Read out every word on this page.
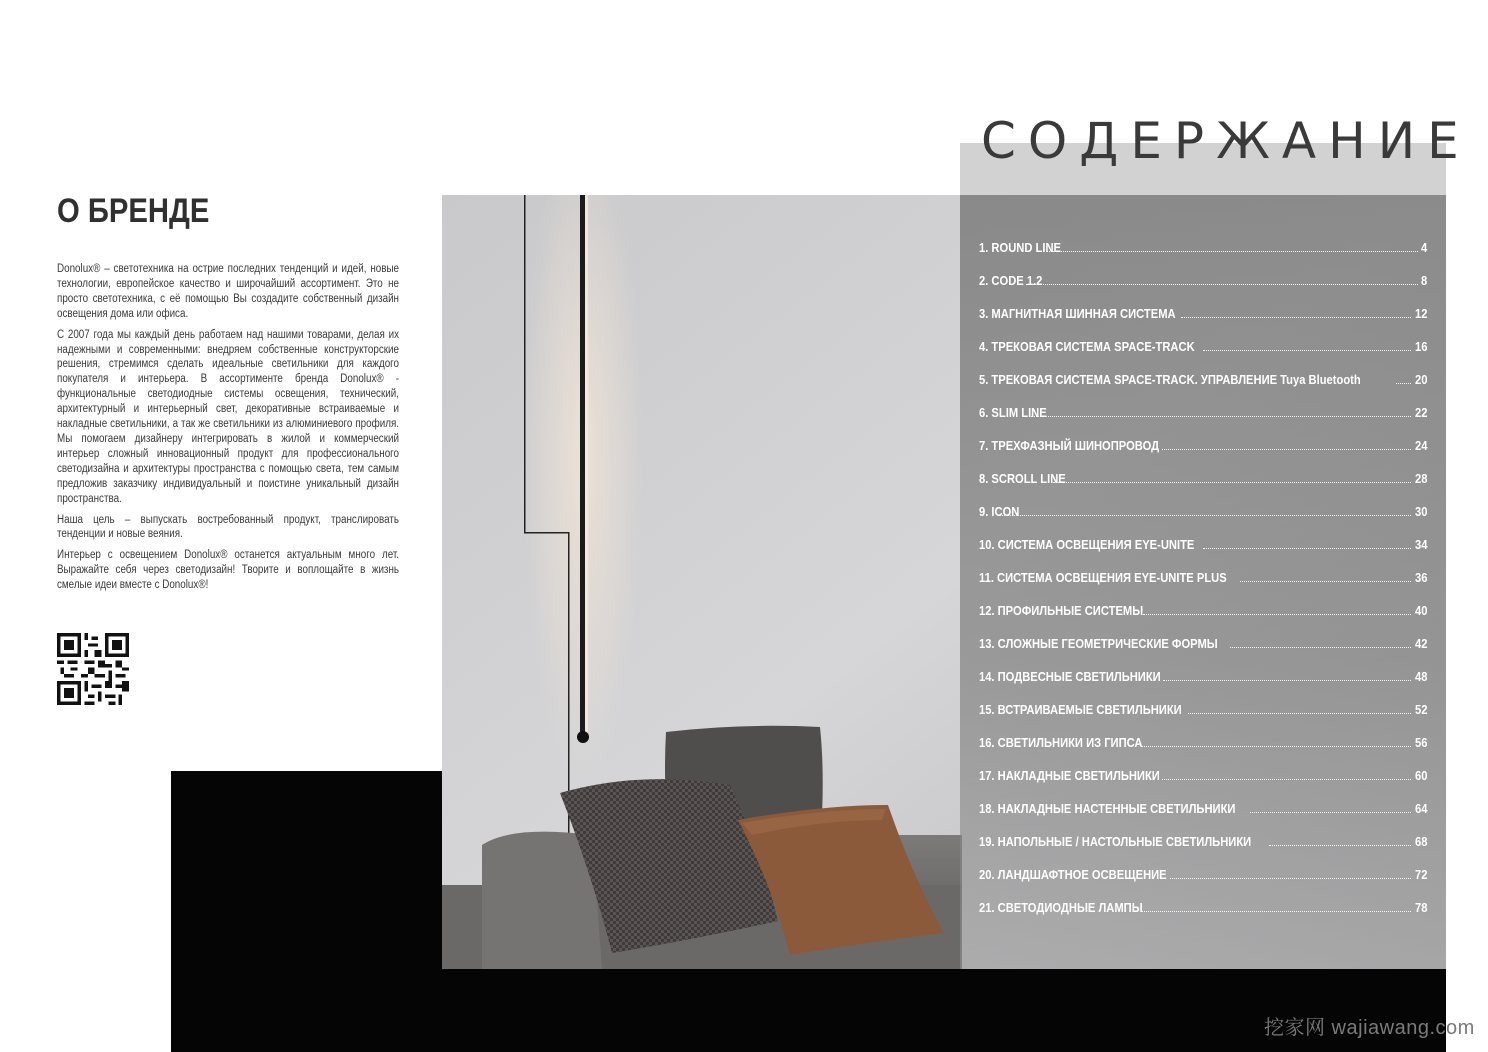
СОДЕРЖАНИЕ
О БРЕНДЕ

Donolux® – светотехника на острие последних тенденций и идей, новые технологии, европейское качество и широчайший ассортимент. Это не просто светотехника, с её помощью Вы создадите собственный дизайн освещения дома или офиса.

С 2007 года мы каждый день работаем над нашими товарами, делая их надежными и современными: внедряем собственные конструкторские решения, стремимся сделать идеальные светильники для каждого покупателя и интерьера. В ассортименте бренда Donolux® - функциональные светодиодные системы освещения, технический, архитектурный и интерьерный свет, декоративные встраиваемые и накладные светильники, а так же светильники из алюминиевого профиля. Мы помогаем дизайнеру интегрировать в жилой и коммерческий интерьер сложный инновационный продукт для профессионального светодизайна и архитектуры пространства с помощью света, тем самым предложив заказчику индивидуальный и поистине уникальный дизайн пространства.

Наша цель – выпускать востребованный продукт, транслировать тенденции и новые веяния.

Интерьер с освещением Donolux® останется актуальным много лет. Выражайте себя через светодизайн! Творите и воплощайте в жизнь смелые идеи вместе с Donolux®!

1. ROUND LINE	4
2. CODE 1.2	8
3. МАГНИТНАЯ ШИННАЯ СИСТЕМА	12
4. ТРЕКОВАЯ СИСТЕМА SPACE-TRACK	16
5. ТРЕКОВАЯ СИСТЕМА SPACE-TRACK. УПРАВЛЕНИЕ Tuya Bluetooth	20
6. SLIM LINE	22
7. ТРЕХФАЗНЫЙ ШИНОПРОВОД	24
8. SCROLL LINE	28
9. ICON	30
10. СИСТЕМА ОСВЕЩЕНИЯ EYE-UNITE	34
11. СИСТЕМА ОСВЕЩЕНИЯ EYE-UNITE PLUS	36
12. ПРОФИЛЬНЫЕ СИСТЕМЫ	40
13. СЛОЖНЫЕ ГЕОМЕТРИЧЕСКИЕ ФОРМЫ	42
14. ПОДВЕСНЫЕ СВЕТИЛЬНИКИ	48
15. ВСТРАИВАЕМЫЕ СВЕТИЛЬНИКИ	52
16. СВЕТИЛЬНИКИ ИЗ ГИПСА	56
17. НАКЛАДНЫЕ СВЕТИЛЬНИКИ	60
18. НАКЛАДНЫЕ НАСТЕННЫЕ СВЕТИЛЬНИКИ	64
19. НАПОЛЬНЫЕ / НАСТОЛЬНЫЕ СВЕТИЛЬНИКИ	68
20. ЛАНДШАФТНОЕ ОСВЕЩЕНИЕ	72
21. СВЕТОДИОДНЫЕ ЛАМПЫ	78
挖家网 wajiawang.com
